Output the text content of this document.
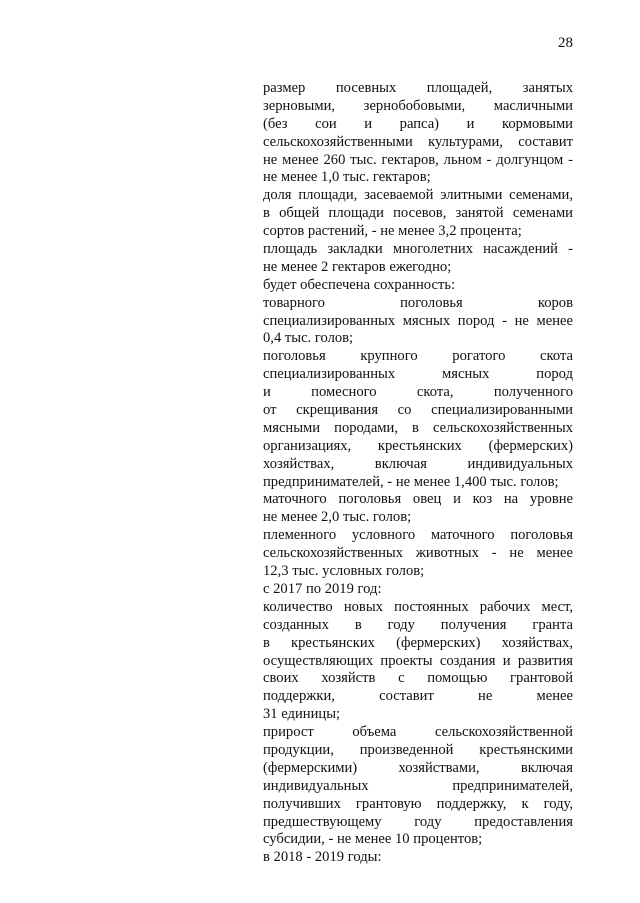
28
размер посевных площадей, занятых
зерновыми, зернобобовыми, масличными
(без сои и рапса) и кормовыми
сельскохозяйственными культурами, составит
не менее 260 тыс. гектаров, льном - долгунцом -
не менее 1,0 тыс. гектаров;
доля площади, засеваемой элитными семенами,
в общей площади посевов, занятой семенами
сортов растений, - не менее 3,2 процента;
площадь закладки многолетних насаждений -
не менее 2 гектаров ежегодно;
будет обеспечена сохранность:
товарного поголовья коров
специализированных мясных пород - не менее
0,4 тыс. голов;
поголовья крупного рогатого скота
специализированных мясных пород
и помесного скота, полученного
от скрещивания со специализированными
мясными породами, в сельскохозяйственных
организациях, крестьянских (фермерских)
хозяйствах, включая индивидуальных
предпринимателей, - не менее 1,400 тыс. голов;
маточного поголовья овец и коз на уровне
не менее 2,0 тыс. голов;
племенного условного маточного поголовья
сельскохозяйственных животных - не менее
12,3 тыс. условных голов;
с 2017 по 2019 год:
количество новых постоянных рабочих мест,
созданных в году получения гранта
в крестьянских (фермерских) хозяйствах,
осуществляющих проекты создания и развития
своих хозяйств с помощью грантовой
поддержки, составит не менее
31 единицы;
прирост объема сельскохозяйственной
продукции, произведенной крестьянскими
(фермерскими) хозяйствами, включая
индивидуальных предпринимателей,
получивших грантовую поддержку, к году,
предшествующему году предоставления
субсидии, - не менее 10 процентов;
в 2018 - 2019 годы:
